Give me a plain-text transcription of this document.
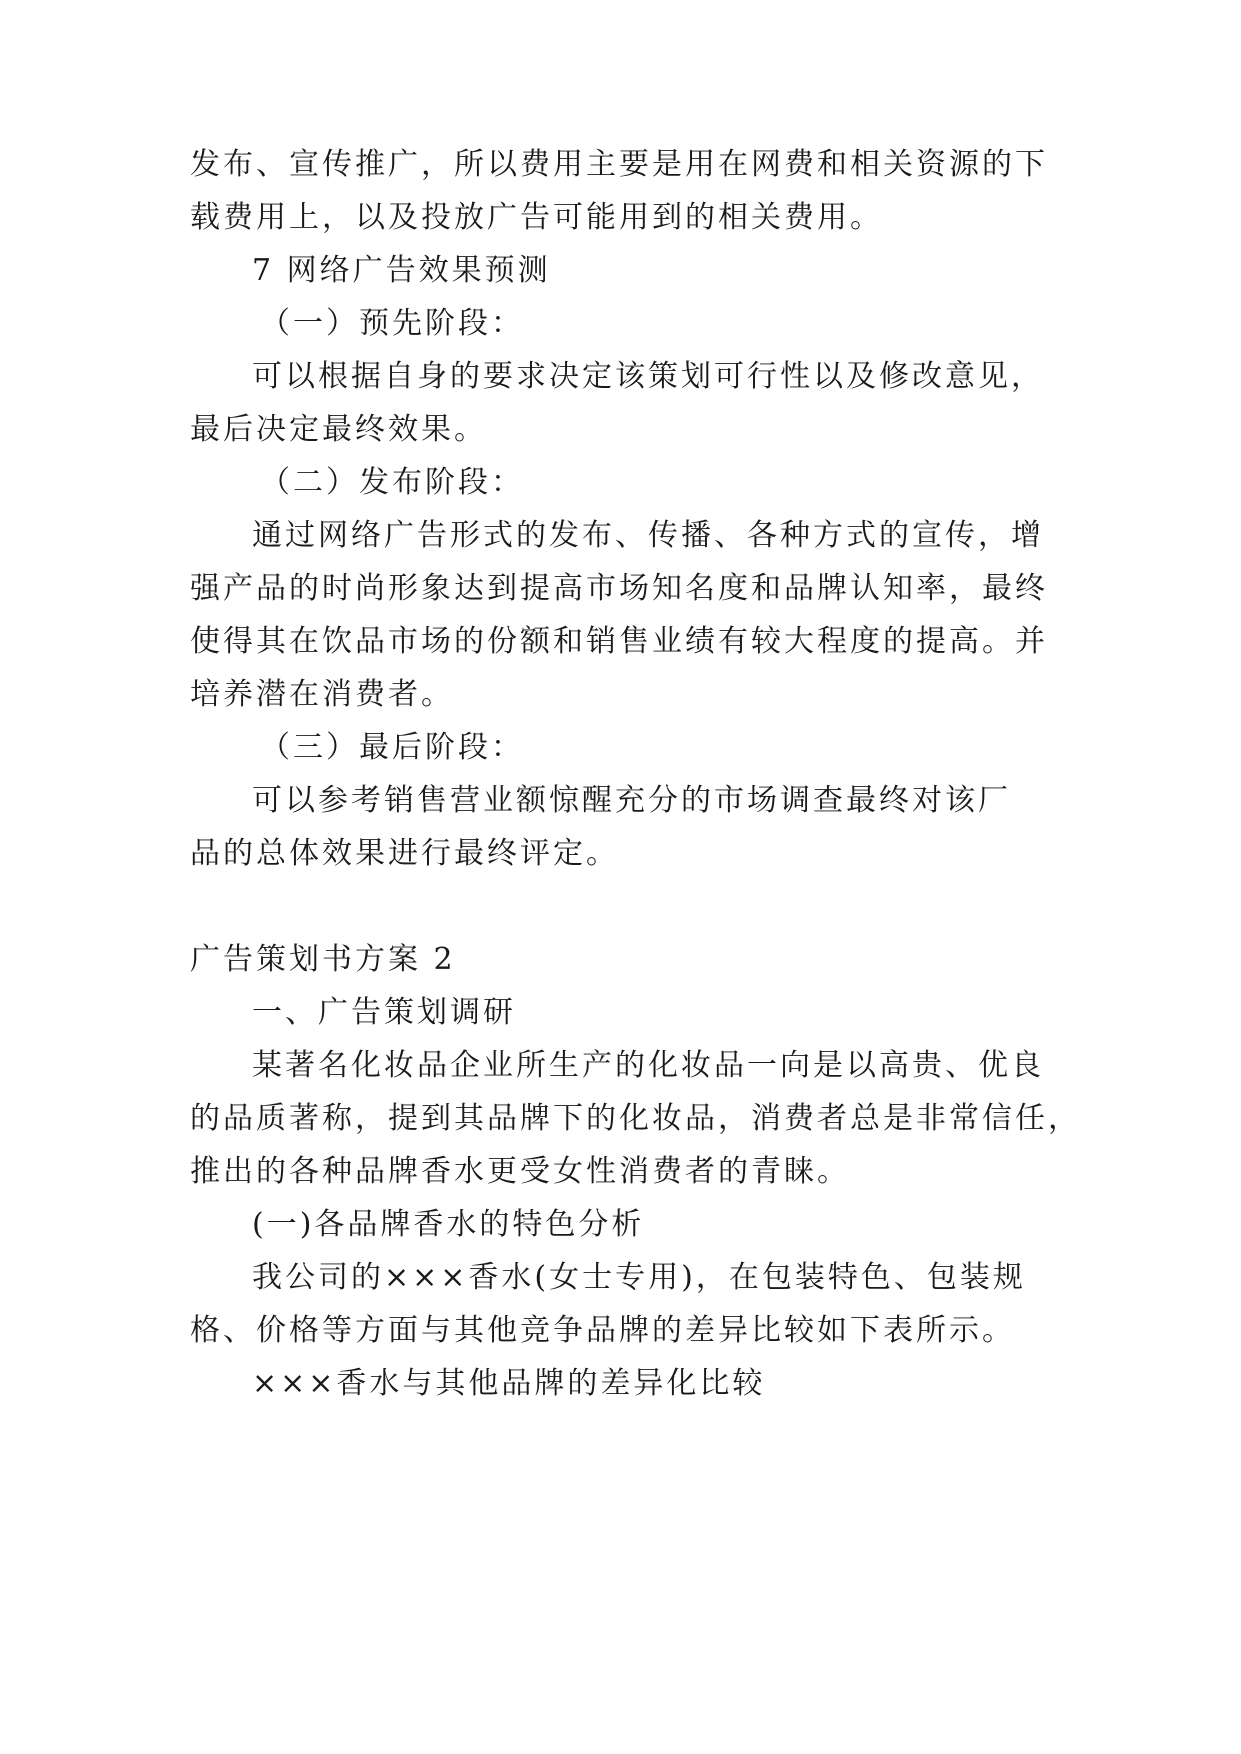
发布、宣传推广，所以费用主要是用在网费和相关资源的下
载费用上，以及投放广告可能用到的相关费用。
7 网络广告效果预测
（一）预先阶段：
可以根据自身的要求决定该策划可行性以及修改意见，
最后决定最终效果。
（二）发布阶段：
通过网络广告形式的发布、传播、各种方式的宣传，增
强产品的时尚形象达到提高市场知名度和品牌认知率，最终
使得其在饮品市场的份额和销售业绩有较大程度的提高。并
培养潜在消费者。
（三）最后阶段：
可以参考销售营业额惊醒充分的市场调查最终对该厂
品的总体效果进行最终评定。
广告策划书方案 2
一、广告策划调研
某著名化妆品企业所生产的化妆品一向是以高贵、优良
的品质著称，提到其品牌下的化妆品，消费者总是非常信任，
推出的各种品牌香水更受女性消费者的青睐。
(一)各品牌香水的特色分析
我公司的×××香水(女士专用)，在包装特色、包装规
格、价格等方面与其他竞争品牌的差异比较如下表所示。
×××香水与其他品牌的差异化比较
